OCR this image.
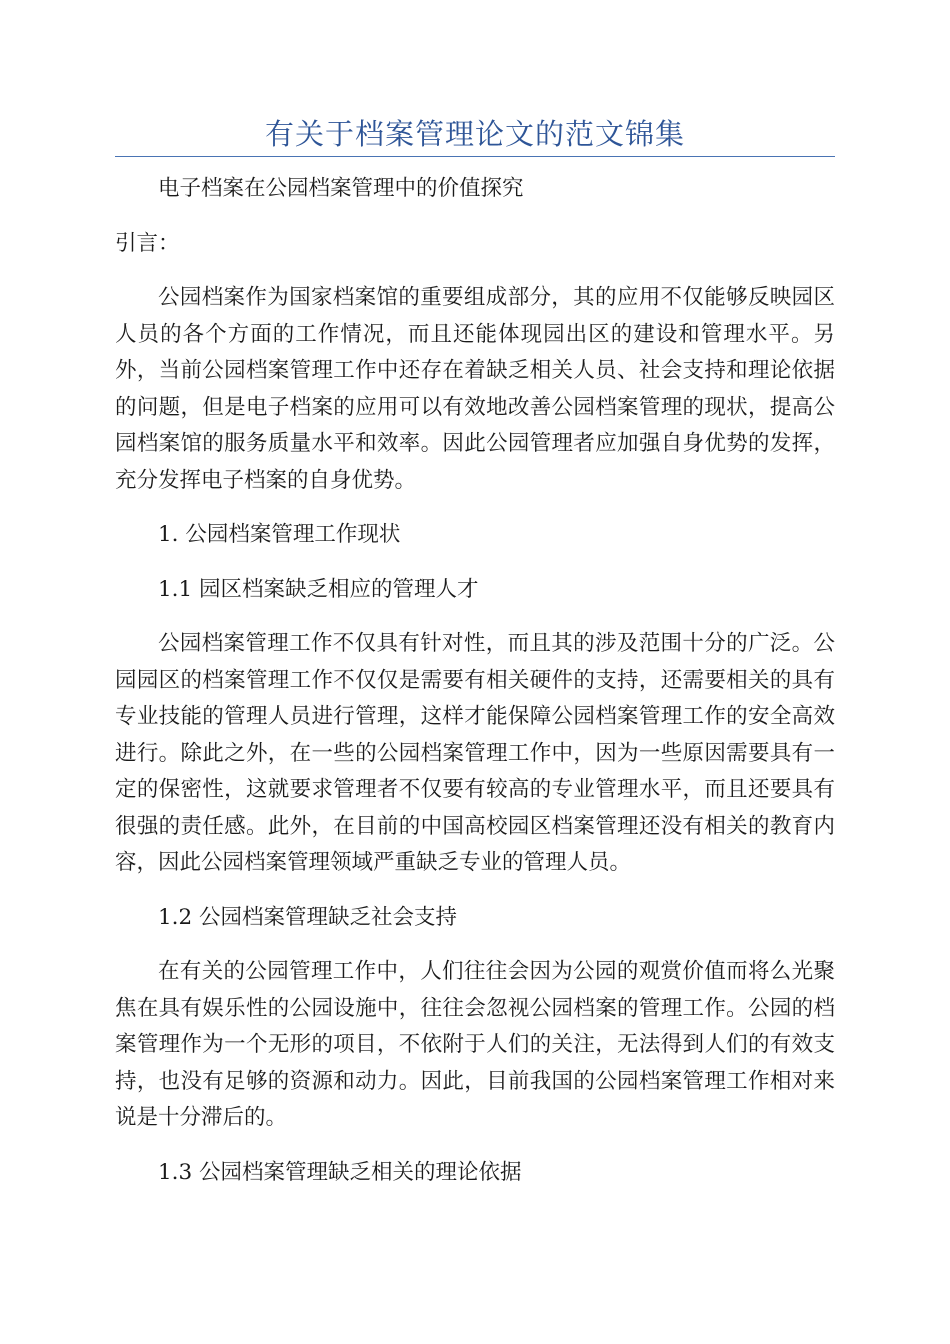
有关于档案管理论文的范文锦集

电子档案在公园档案管理中的价值探究

引言：

公园档案作为国家档案馆的重要组成部分，其的应用不仅能够反映园区人员的各个方面的工作情况，而且还能体现园出区的建设和管理水平。另外，当前公园档案管理工作中还存在着缺乏相关人员、社会支持和理论依据的问题，但是电子档案的应用可以有效地改善公园档案管理的现状，提高公园档案馆的服务质量水平和效率。因此公园管理者应加强自身优势的发挥，充分发挥电子档案的自身优势。

1. 公园档案管理工作现状

1.1 园区档案缺乏相应的管理人才

公园档案管理工作不仅具有针对性，而且其的涉及范围十分的广泛。公园园区的档案管理工作不仅仅是需要有相关硬件的支持，还需要相关的具有专业技能的管理人员进行管理，这样才能保障公园档案管理工作的安全高效进行。除此之外，在一些的公园档案管理工作中，因为一些原因需要具有一定的保密性，这就要求管理者不仅要有较高的专业管理水平，而且还要具有很强的责任感。此外，在目前的中国高校园区档案管理还没有相关的教育内容，因此公园档案管理领域严重缺乏专业的管理人员。

1.2 公园档案管理缺乏社会支持

在有关的公园管理工作中，人们往往会因为公园的观赏价值而将么光聚焦在具有娱乐性的公园设施中，往往会忽视公园档案的管理工作。公园的档案管理作为一个无形的项目，不依附于人们的关注，无法得到人们的有效支持，也没有足够的资源和动力。因此，目前我国的公园档案管理工作相对来说是十分滞后的。

1.3 公园档案管理缺乏相关的理论依据
